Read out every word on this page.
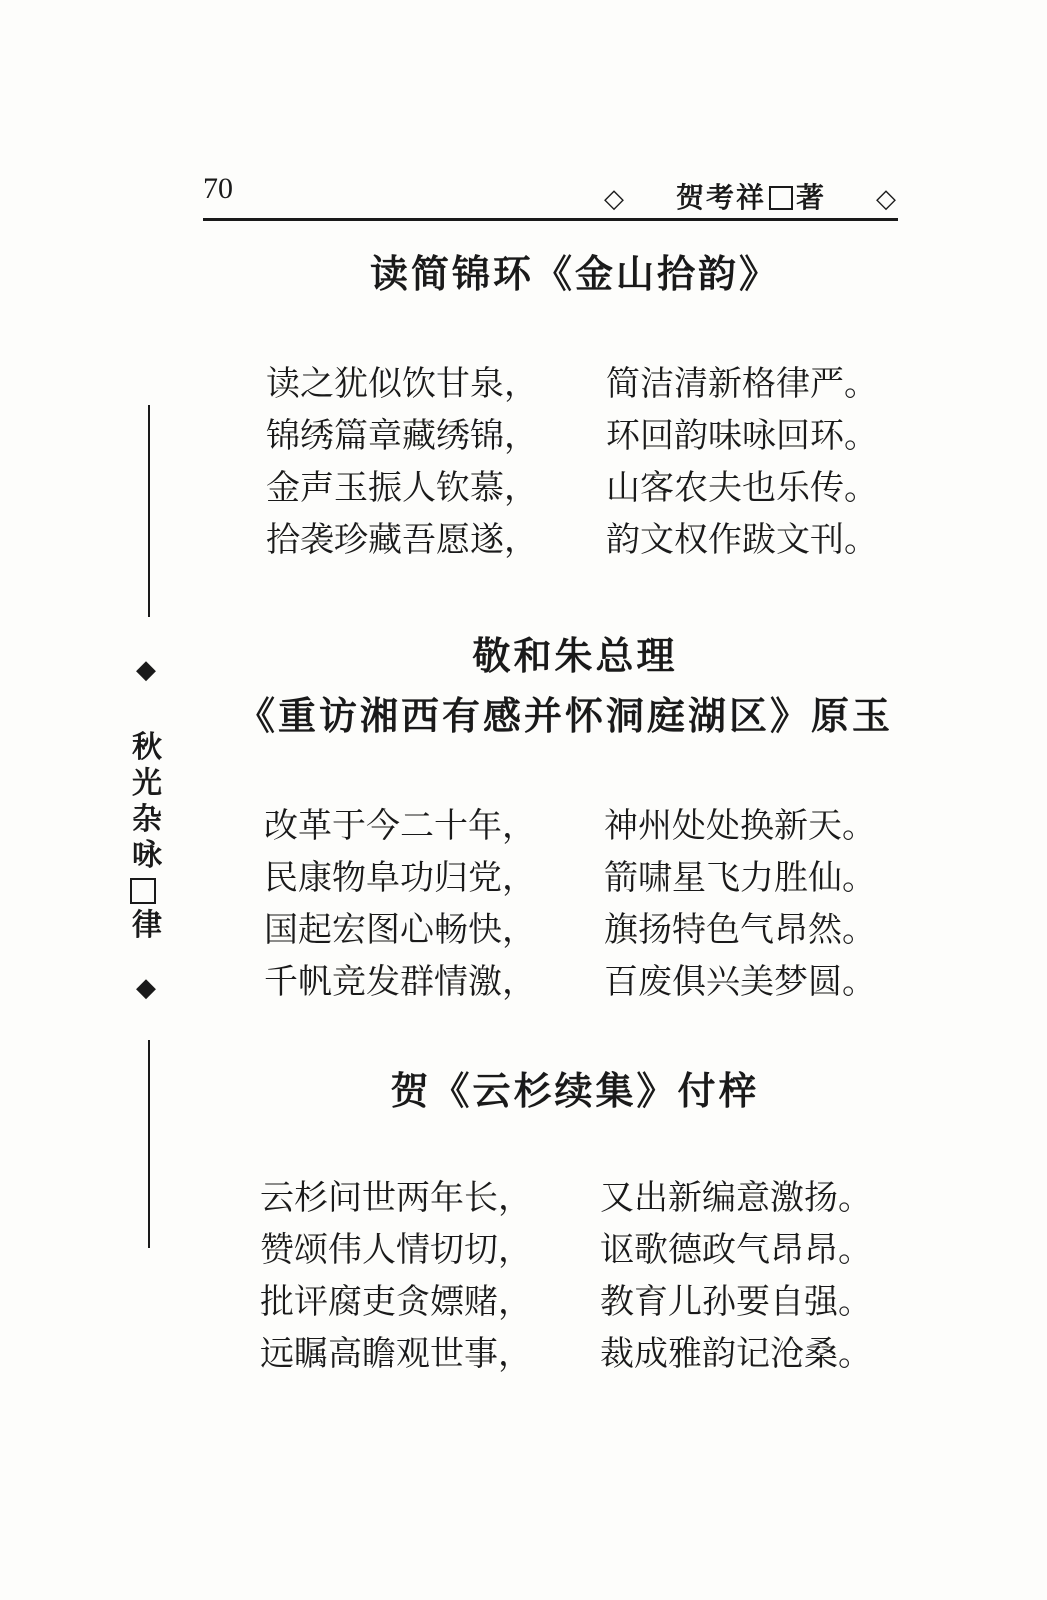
70	◇ 贺考祥 著 ◇
◆
秋
光
杂
咏
律
◆
读简锦环《金山拾韵》
读之犹似饮甘泉， 简洁清新格律严。
锦绣篇章藏绣锦， 环回韵味咏回环。
金声玉振人钦慕， 山客农夫也乐传。
拾袭珍藏吾愿遂， 韵文权作跋文刊。
敬和朱总理
《重访湘西有感并怀洞庭湖区》原玉
改革于今二十年， 神州处处换新天。
民康物阜功归党， 箭啸星飞力胜仙。
国起宏图心畅快， 旗扬特色气昂然。
千帆竞发群情激， 百废俱兴美梦圆。
贺《云杉续集》付梓
云杉问世两年长， 又出新编意激扬。
赞颂伟人情切切， 讴歌德政气昂昂。
批评腐吏贪嫖赌， 教育儿孙要自强。
远瞩高瞻观世事， 裁成雅韵记沧桑。
